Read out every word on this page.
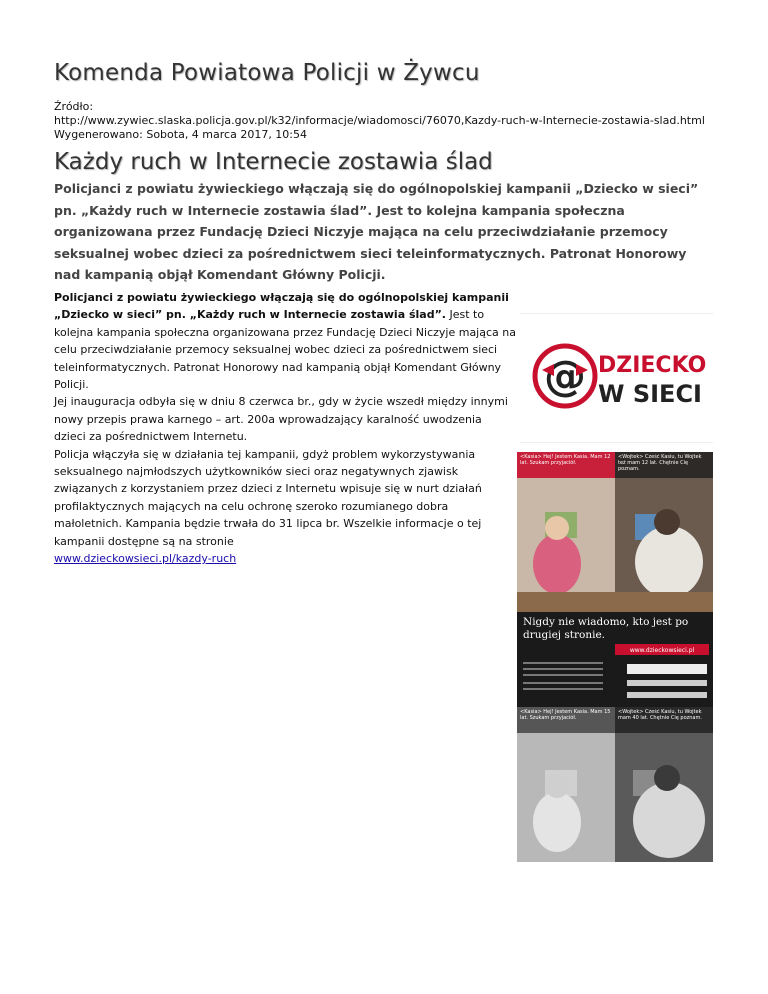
Komenda Powiatowa Policji w Żywcu
Źródło:
http://www.zywiec.slaska.policja.gov.pl/k32/informacje/wiadomosci/76070,Kazdy-ruch-w-Internecie-zostawia-slad.html
Wygenerowano: Sobota, 4 marca 2017, 10:54
Każdy ruch w Internecie zostawia ślad
Policjanci z powiatu żywieckiego włączają się do ogólnopolskiej kampanii „Dziecko w sieci” pn. „Każdy ruch w Internecie zostawia ślad”. Jest to kolejna kampania społeczna organizowana przez Fundację Dzieci Niczyje mająca na celu przeciwdziałanie przemocy seksualnej wobec dzieci za pośrednictwem sieci teleinformatycznych. Patronat Honorowy nad kampanią objął Komendant Główny Policji.
Policjanci z powiatu żywieckiego włączają się do ogólnopolskiej kampanii „Dziecko w sieci” pn. „Każdy ruch w Internecie zostawia ślad”. Jest to kolejna kampania społeczna organizowana przez Fundację Dzieci Niczyje mająca na celu przeciwdziałanie przemocy seksualnej wobec dzieci za pośrednictwem sieci teleinformatycznych. Patronat Honorowy nad kampanią objął Komendant Główny Policji.
Jej inauguracja odbyła się w dniu 8 czerwca br., gdy w życie wszedł między innymi nowy przepis prawa karnego – art. 200a wprowadzający karalność uwodzenia dzieci za pośrednictwem Internetu.
Policja włączyła się w działania tej kampanii, gdyż problem wykorzystywania seksualnego najmłodszych użytkowników sieci oraz negatywnych zjawisk związanych z korzystaniem przez dzieci z Internetu wpisuje się w nurt działań profilaktycznych mających na celu ochronę szeroko rozumianego dobra małoletnich. Kampania będzie trwała do 31 lipca br. Wszelkie informacje o tej kampanii dostępne są na stronie
www.dzieckowsieci.pl/kazdy-ruch
@ DZIECKO
W SIECI
<Kasia> Hej! Jestem Kasia. Mam 12 lat. Szukam przyjaciół.
<Wojtek> Cześć Kasiu, tu Wojtek też mam 12 lat. Chętnie Cię poznam.
Nigdy nie wiadomo, kto jest po drugiej stronie.
www.dzieckowsieci.pl
<Kasia> Hej! Jestem Kasia. Mam 15 lat. Szukam przyjaciół.
<Wojtek> Cześć Kasiu, tu Wojtek mam 40 lat. Chętnie Cię poznam.
